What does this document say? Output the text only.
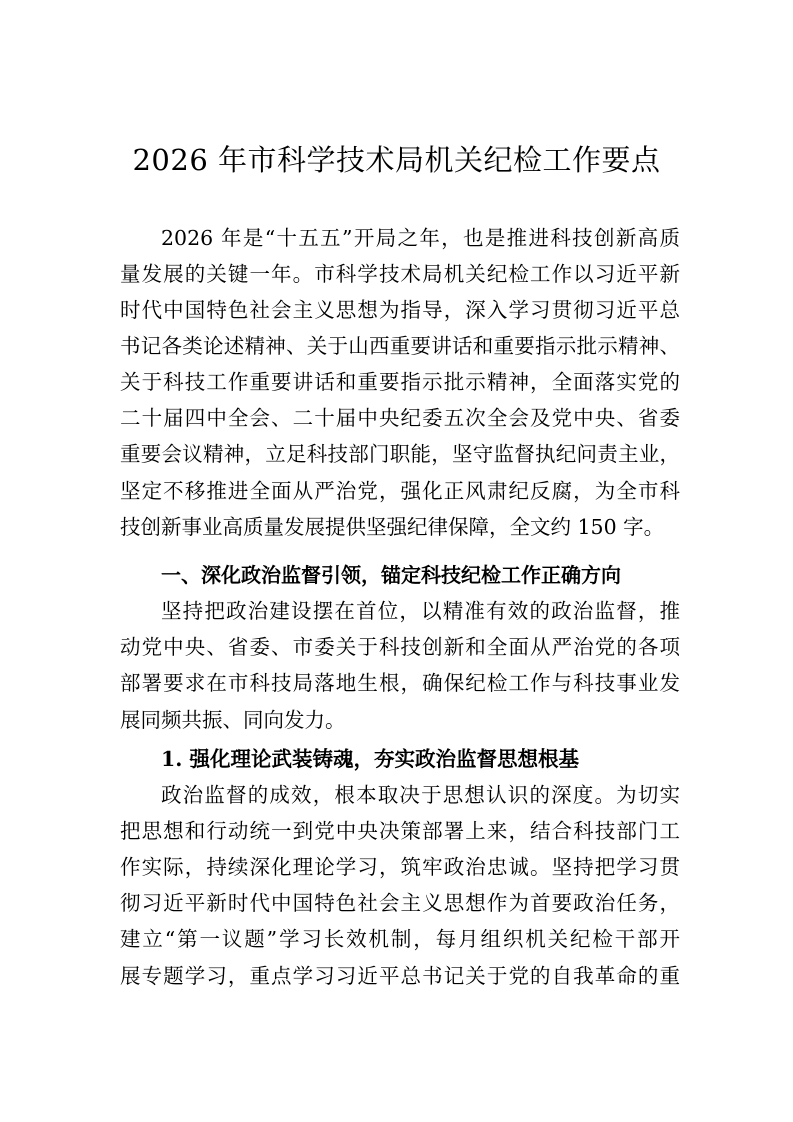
2026 年市科学技术局机关纪检工作要点
2026 年是“十五五”开局之年，也是推进科技创新高质
量发展的关键一年。市科学技术局机关纪检工作以习近平新
时代中国特色社会主义思想为指导，深入学习贯彻习近平总
书记各类论述精神、关于山西重要讲话和重要指示批示精神、
关于科技工作重要讲话和重要指示批示精神，全面落实党的
二十届四中全会、二十届中央纪委五次全会及党中央、省委
重要会议精神，立足科技部门职能，坚守监督执纪问责主业，
坚定不移推进全面从严治党，强化正风肃纪反腐，为全市科
技创新事业高质量发展提供坚强纪律保障，全文约 150 字。
一、深化政治监督引领，锚定科技纪检工作正确方向
坚持把政治建设摆在首位，以精准有效的政治监督，推
动党中央、省委、市委关于科技创新和全面从严治党的各项
部署要求在市科技局落地生根，确保纪检工作与科技事业发
展同频共振、同向发力。
1. 强化理论武装铸魂，夯实政治监督思想根基
政治监督的成效，根本取决于思想认识的深度。为切实
把思想和行动统一到党中央决策部署上来，结合科技部门工
作实际，持续深化理论学习，筑牢政治忠诚。坚持把学习贯
彻习近平新时代中国特色社会主义思想作为首要政治任务，
建立“第一议题”学习长效机制，每月组织机关纪检干部开
展专题学习，重点学习习近平总书记关于党的自我革命的重
